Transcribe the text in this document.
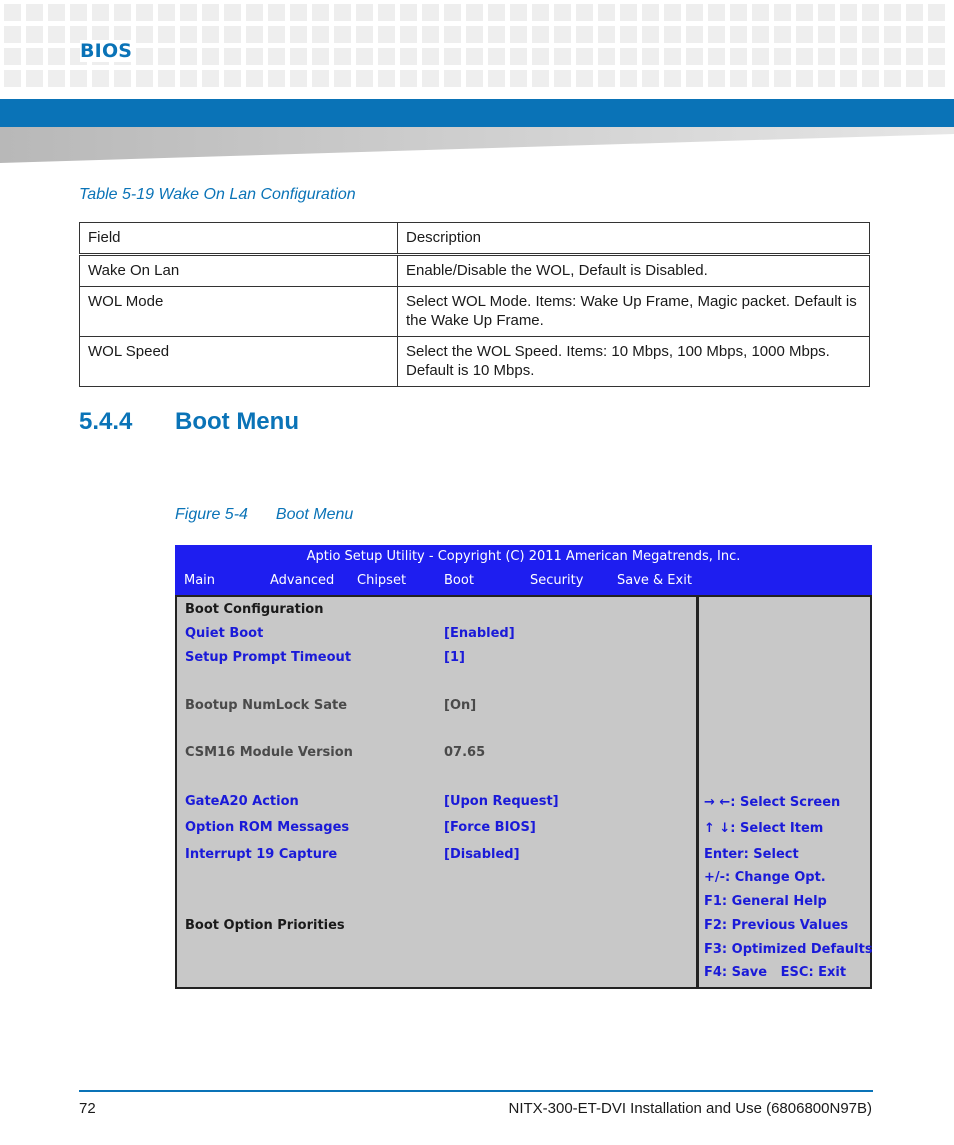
BIOS
Table 5-19 Wake On Lan Configuration
Field	Description
Wake On Lan	Enable/Disable the WOL, Default is Disabled.
WOL Mode	Select WOL Mode. Items: Wake Up Frame, Magic packet. Default is the Wake Up Frame.
WOL Speed	Select the WOL Speed. Items: 10 Mbps, 100 Mbps, 1000 Mbps. Default is 10 Mbps.
5.4.4 Boot Menu
Figure 5-4 Boot Menu
Aptio Setup Utility - Copyright (C) 2011 American Megatrends, Inc.
Main	Advanced Chipset	Boot	Security	Save & Exit
Boot Configuration
Quiet Boot	[Enabled]
Setup Prompt Timeout	[1]
Bootup NumLock Sate	[On]
CSM16 Module Version	07.65
GateA20 Action	[Upon Request]
Option ROM Messages	[Force BIOS]
Interrupt 19 Capture	[Disabled]
Boot Option Priorities
→ ←: Select Screen
↑ ↓: Select Item
Enter: Select
+/-: Change Opt.
F1: General Help
F2: Previous Values
F3: Optimized Defaults
F4: Save   ESC: Exit
72	NITX-300-ET-DVI Installation and Use (6806800N97B)
